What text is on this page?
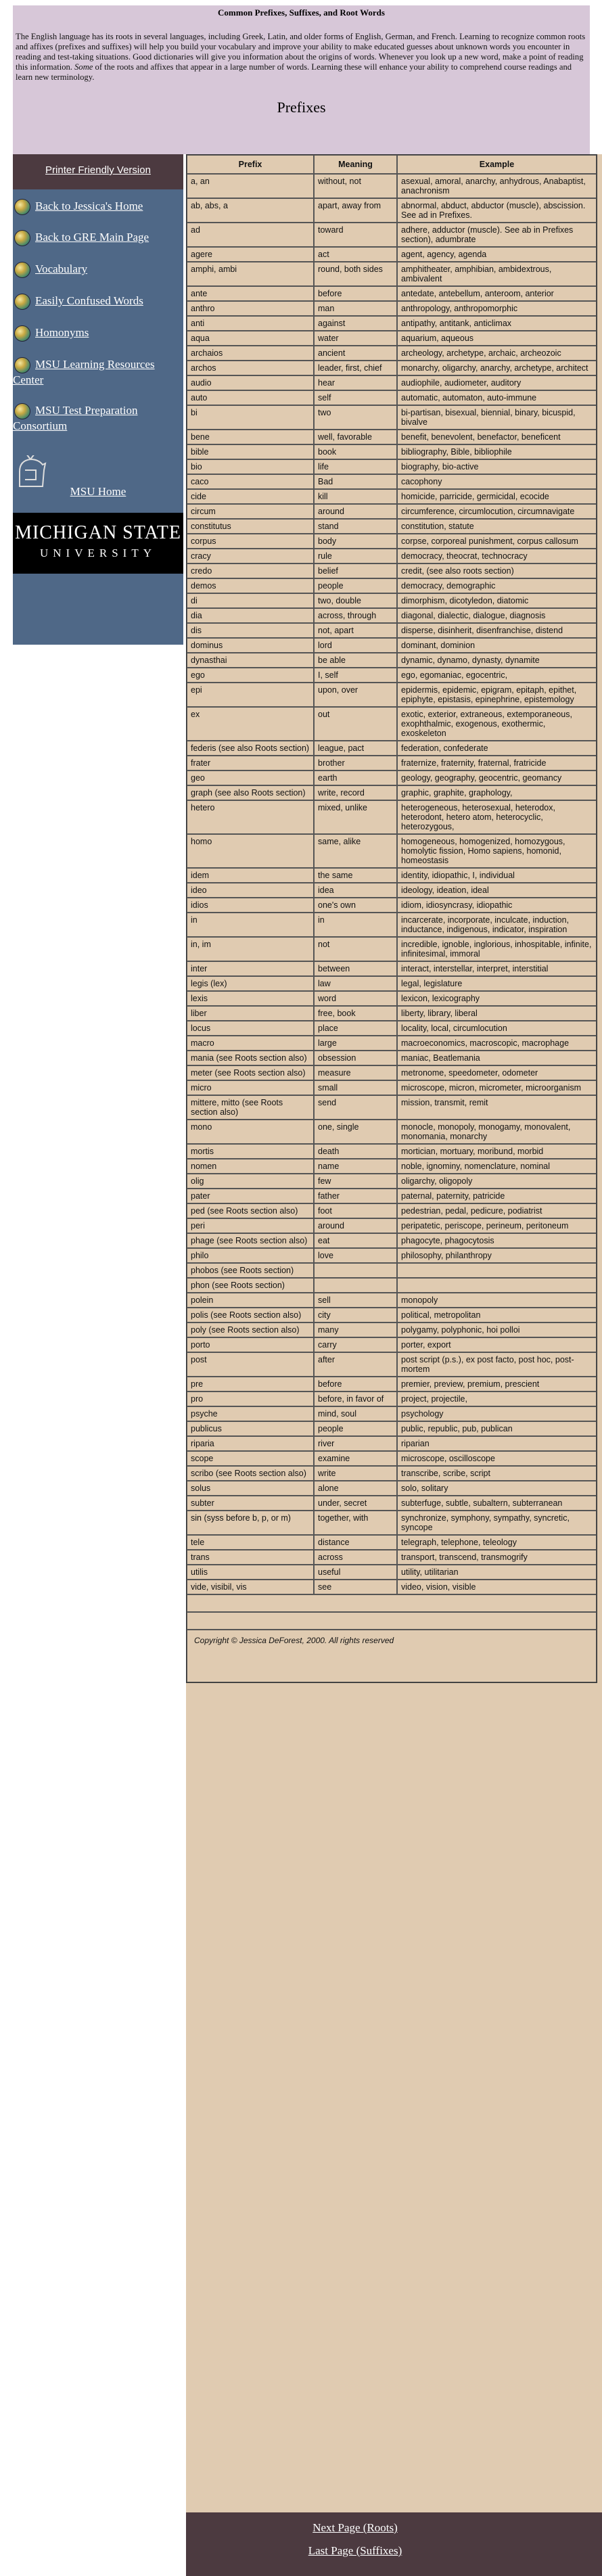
Common Prefixes, Suffixes, and Root Words
The English language has its roots in several languages, including Greek, Latin, and older forms of English, German, and French. Learning to recognize common roots and affixes (prefixes and suffixes) will help you build your vocabulary and improve your ability to make educated guesses about unknown words you encounter in reading and test-taking situations. Good dictionaries will give you information about the origins of words. Whenever you look up a new word, make a point of reading this information. Some of the roots and affixes that appear in a large number of words. Learning these will enhance your ability to comprehend course readings and learn new terminology.
Prefixes
Printer Friendly Version
Back to Jessica's Home
Back to GRE Main Page
Vocabulary
Easily Confused Words
Homonyms
MSU Learning Resources Center
MSU Test Preparation Consortium
MSU Home
MICHIGAN STATE
UNIVERSITY
Prefix	Meaning	Example
a, an	without, not	asexual, amoral, anarchy, anhydrous, Anabaptist, anachronism
ab, abs, a	apart, away from	abnormal, abduct, abductor (muscle), abscission. See ad in Prefixes.
ad	toward	adhere, adductor (muscle). See ab in Prefixes section), adumbrate
agere	act	agent, agency, agenda
amphi, ambi	round, both sides	amphitheater, amphibian, ambidextrous, ambivalent
ante	before	antedate, antebellum, anteroom, anterior
anthro	man	anthropology, anthropomorphic
anti	against	antipathy, antitank, anticlimax
aqua	water	aquarium, aqueous
archaios	ancient	archeology, archetype, archaic, archeozoic
archos	leader, first, chief	monarchy, oligarchy, anarchy, archetype, architect
audio	hear	audiophile, audiometer, auditory
auto	self	automatic, automaton, auto-immune
bi	two	bi-partisan, bisexual, biennial, binary, bicuspid, bivalve
bene	well, favorable	benefit, benevolent, benefactor, beneficent
bible	book	bibliography, Bible, bibliophile
bio	life	biography, bio-active
caco	Bad	cacophony
cide	kill	homicide, parricide, germicidal, ecocide
circum	around	circumference, circumlocution, circumnavigate
constitutus	stand	constitution, statute
corpus	body	corpse, corporeal punishment, corpus callosum
cracy	rule	democracy, theocrat, technocracy
credo	belief	credit, (see also roots section)
demos	people	democracy, demographic
di	two, double	dimorphism, dicotyledon, diatomic
dia	across, through	diagonal, dialectic, dialogue, diagnosis
dis	not, apart	disperse, disinherit, disenfranchise, distend
dominus	lord	dominant, dominion
dynasthai	be able	dynamic, dynamo, dynasty, dynamite
ego	I, self	ego, egomaniac, egocentric,
epi	upon, over	epidermis, epidemic, epigram, epitaph, epithet, epiphyte, epistasis, epinephrine, epistemology
ex	out	exotic, exterior, extraneous, extemporaneous, exophthalmic, exogenous, exothermic, exoskeleton
federis (see also Roots section)	league, pact	federation, confederate
frater	brother	fraternize, fraternity, fraternal, fratricide
geo	earth	geology, geography, geocentric, geomancy
graph (see also Roots section)	write, record	graphic, graphite, graphology,
hetero	mixed, unlike	heterogeneous, heterosexual, heterodox, heterodont, hetero atom, heterocyclic, heterozygous,
homo	same, alike	homogeneous, homogenized, homozygous, homolytic fission, Homo sapiens, homonid, homeostasis
idem	the same	identity, idiopathic, I, individual
ideo	idea	ideology, ideation, ideal
idios	one's own	idiom, idiosyncrasy, idiopathic
in	in	incarcerate, incorporate, inculcate, induction, inductance, indigenous, indicator, inspiration
in, im	not	incredible, ignoble, inglorious, inhospitable, infinite, infinitesimal, immoral
inter	between	interact, interstellar, interpret, interstitial
legis (lex)	law	legal, legislature
lexis	word	lexicon, lexicography
liber	free, book	liberty, library, liberal
locus	place	locality, local, circumlocution
macro	large	macroeconomics, macroscopic, macrophage
mania (see Roots section also)	obsession	maniac, Beatlemania
meter (see Roots section also)	measure	metronome, speedometer, odometer
micro	small	microscope, micron, micrometer, microorganism
mittere, mitto (see Roots section also)	send	mission, transmit, remit
mono	one, single	monocle, monopoly, monogamy, monovalent, monomania, monarchy
mortis	death	mortician, mortuary, moribund, morbid
nomen	name	noble, ignominy, nomenclature, nominal
olig	few	oligarchy, oligopoly
pater	father	paternal, paternity, patricide
ped (see Roots section also)	foot	pedestrian, pedal, pedicure, podiatrist
peri	around	peripatetic, periscope, perineum, peritoneum
phage (see Roots section also)	eat	phagocyte, phagocytosis
philo	love	philosophy, philanthropy
phobos (see Roots section)		
phon (see Roots section)		
polein	sell	monopoly
polis (see Roots section also)	city	political, metropolitan
poly (see Roots section also)	many	polygamy, polyphonic, hoi polloi
porto	carry	porter, export
post	after	post script (p.s.), ex post facto, post hoc, post-mortem
pre	before	premier, preview, premium, prescient
pro	before, in favor of	project, projectile,
psyche	mind, soul	psychology
publicus	people	public, republic, pub, publican
riparia	river	riparian
scope	examine	microscope, oscilloscope
scribo (see Roots section also)	write	transcribe, scribe, script
solus	alone	solo, solitary
subter	under, secret	subterfuge, subtle, subaltern, subterranean
sin (syss before b, p, or m)	together, with	synchronize, symphony, sympathy, syncretic, syncope
tele	distance	telegraph, telephone, teleology
trans	across	transport, transcend, transmogrify
utilis	useful	utility, utilitarian
vide, visibil, vis	see	video, vision, visible

Copyright © Jessica DeForest, 2000. All rights reserved		
Next Page (Roots)
Last Page (Suffixes)
